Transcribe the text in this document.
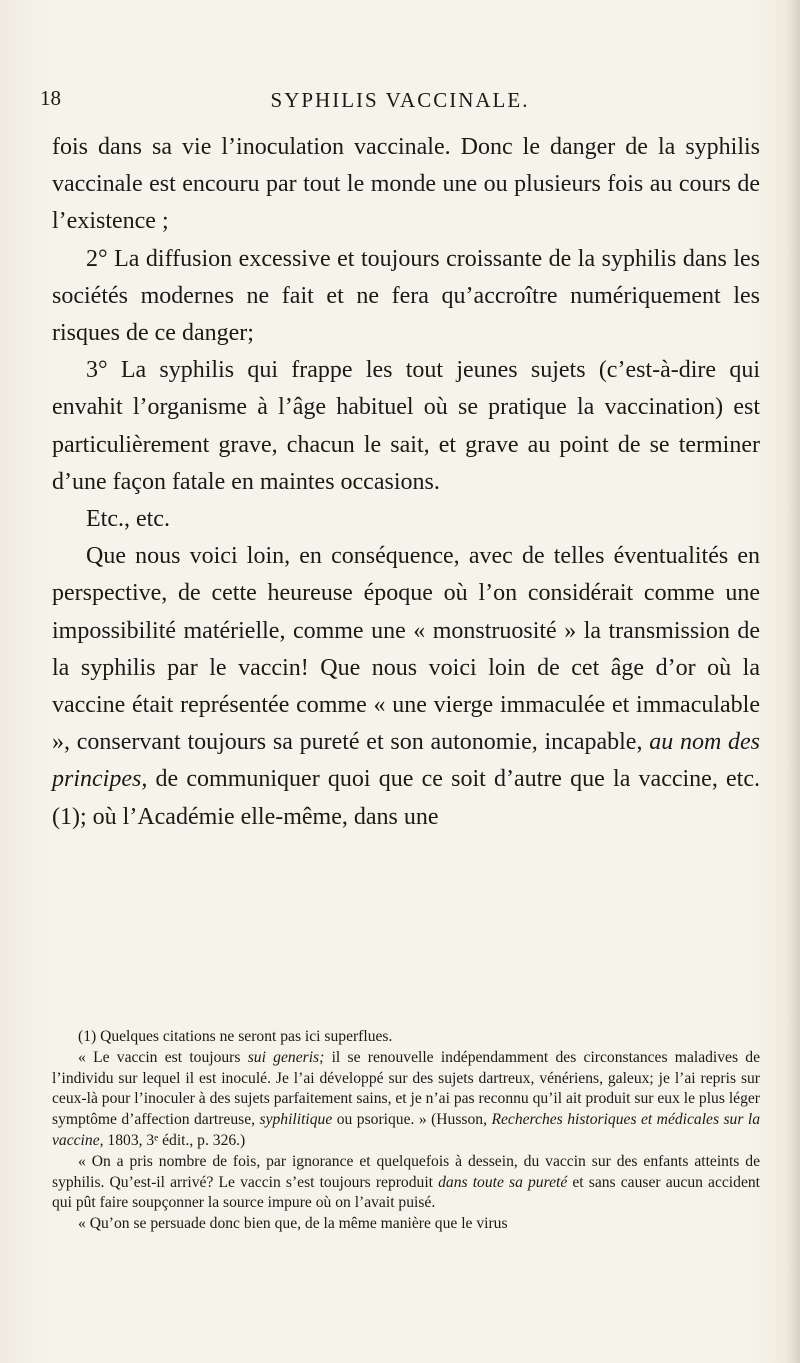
18	SYPHILIS VACCINALE.

fois dans sa vie l’inoculation vaccinale. Donc le danger de la syphilis vaccinale est encouru par tout le monde une ou plusieurs fois au cours de l’existence ;

2° La diffusion excessive et toujours croissante de la syphilis dans les sociétés modernes ne fait et ne fera qu’accroître numériquement les risques de ce danger;

3° La syphilis qui frappe les tout jeunes sujets (c’est-à-dire qui envahit l’organisme à l’âge habituel où se pratique la vaccination) est particulièrement grave, chacun le sait, et grave au point de se terminer d’une façon fatale en maintes occasions.

Etc., etc.

Que nous voici loin, en conséquence, avec de telles éventualités en perspective, de cette heureuse époque où l’on considérait comme une impossibilité matérielle, comme une « monstruosité » la transmission de la syphilis par le vaccin! Que nous voici loin de cet âge d’or où la vaccine était représentée comme « une vierge immaculée et immaculable », conservant toujours sa pureté et son autonomie, incapable, au nom des principes, de communiquer quoi que ce soit d’autre que la vaccine, etc. (1); où l’Académie elle-même, dans une

(1) Quelques citations ne seront pas ici superflues.

« Le vaccin est toujours sui generis; il se renouvelle indépendamment des circonstances maladives de l’individu sur lequel il est inoculé. Je l’ai développé sur des sujets dartreux, vénériens, galeux; je l’ai repris sur ceux-là pour l’inoculer à des sujets parfaitement sains, et je n’ai pas reconnu qu’il ait produit sur eux le plus léger symptôme d’affection dartreuse, syphilitique ou psorique. » (Husson, Recherches historiques et médicales sur la vaccine, 1803, 3ᵉ édit., p. 326.)

« On a pris nombre de fois, par ignorance et quelquefois à dessein, du vaccin sur des enfants atteints de syphilis. Qu’est-il arrivé? Le vaccin s’est toujours reproduit dans toute sa pureté et sans causer aucun accident qui pût faire soupçonner la source impure où on l’avait puisé.

« Qu’on se persuade donc bien que, de la même manière que le virus
